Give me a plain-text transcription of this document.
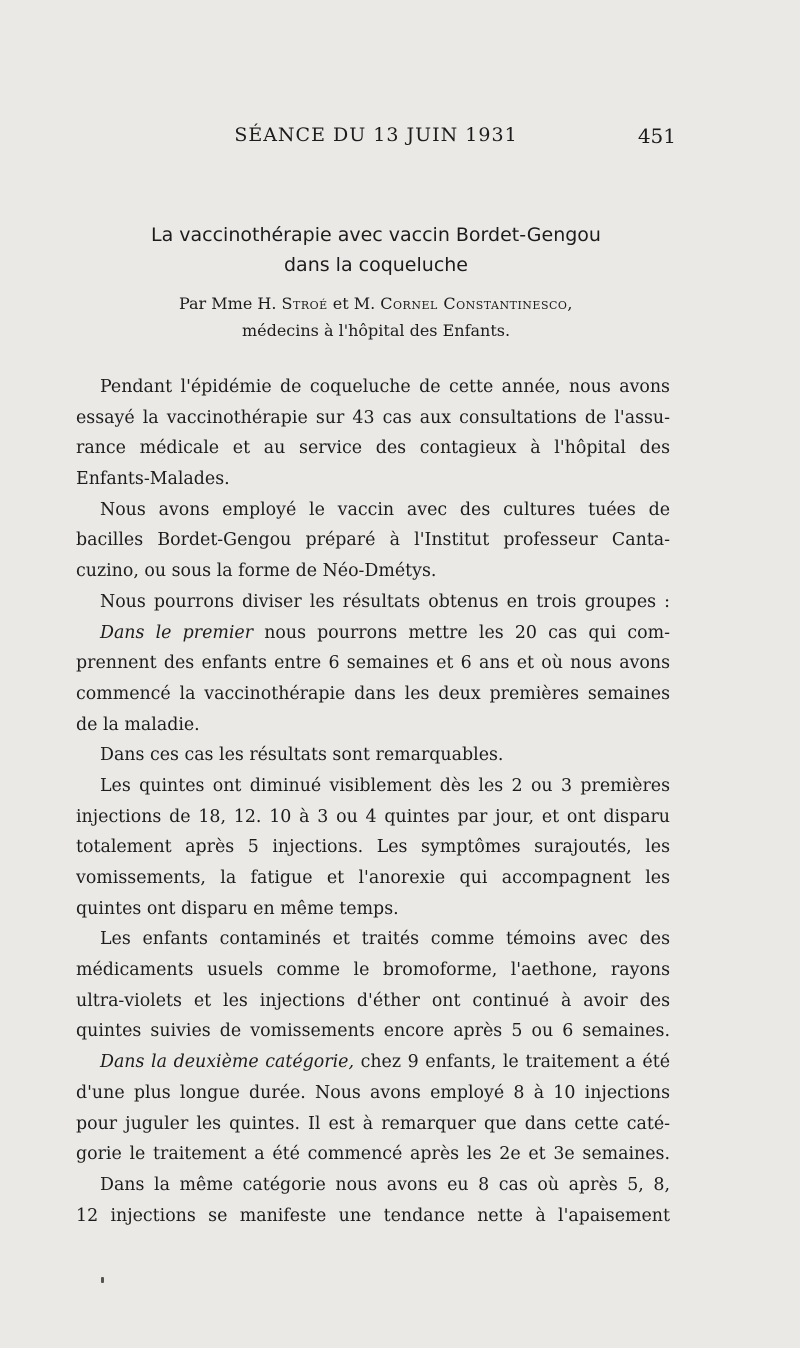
SÉANCE DU 13 JUIN 1931	451
La vaccinothérapie avec vaccin Bordet-Gengou
dans la coqueluche
Par Mme H. Stroé et M. Cornel Constantinesco,
médecins à l'hôpital des Enfants.
Pendant l'épidémie de coqueluche de cette année, nous avons
essayé la vaccinothérapie sur 43 cas aux consultations de l'assu-
rance médicale et au service des contagieux à l'hôpital des
Enfants-Malades.
Nous avons employé le vaccin avec des cultures tuées de
bacilles Bordet-Gengou préparé à l'Institut professeur Canta-
cuzino, ou sous la forme de Néo-Dmétys.
Nous pourrons diviser les résultats obtenus en trois groupes :
Dans le premier nous pourrons mettre les 20 cas qui com-
prennent des enfants entre 6 semaines et 6 ans et où nous avons
commencé la vaccinothérapie dans les deux premières semaines
de la maladie.
Dans ces cas les résultats sont remarquables.
Les quintes ont diminué visiblement dès les 2 ou 3 premières
injections de 18, 12. 10 à 3 ou 4 quintes par jour, et ont disparu
totalement après 5 injections. Les symptômes surajoutés, les
vomissements, la fatigue et l'anorexie qui accompagnent les
quintes ont disparu en même temps.
Les enfants contaminés et traités comme témoins avec des
médicaments usuels comme le bromoforme, l'aethone, rayons
ultra-violets et les injections d'éther ont continué à avoir des
quintes suivies de vomissements encore après 5 ou 6 semaines.
Dans la deuxième catégorie, chez 9 enfants, le traitement a été
d'une plus longue durée. Nous avons employé 8 à 10 injections
pour juguler les quintes. Il est à remarquer que dans cette caté-
gorie le traitement a été commencé après les 2e et 3e semaines.
Dans la même catégorie nous avons eu 8 cas où après 5, 8,
12 injections se manifeste une tendance nette à l'apaisement
